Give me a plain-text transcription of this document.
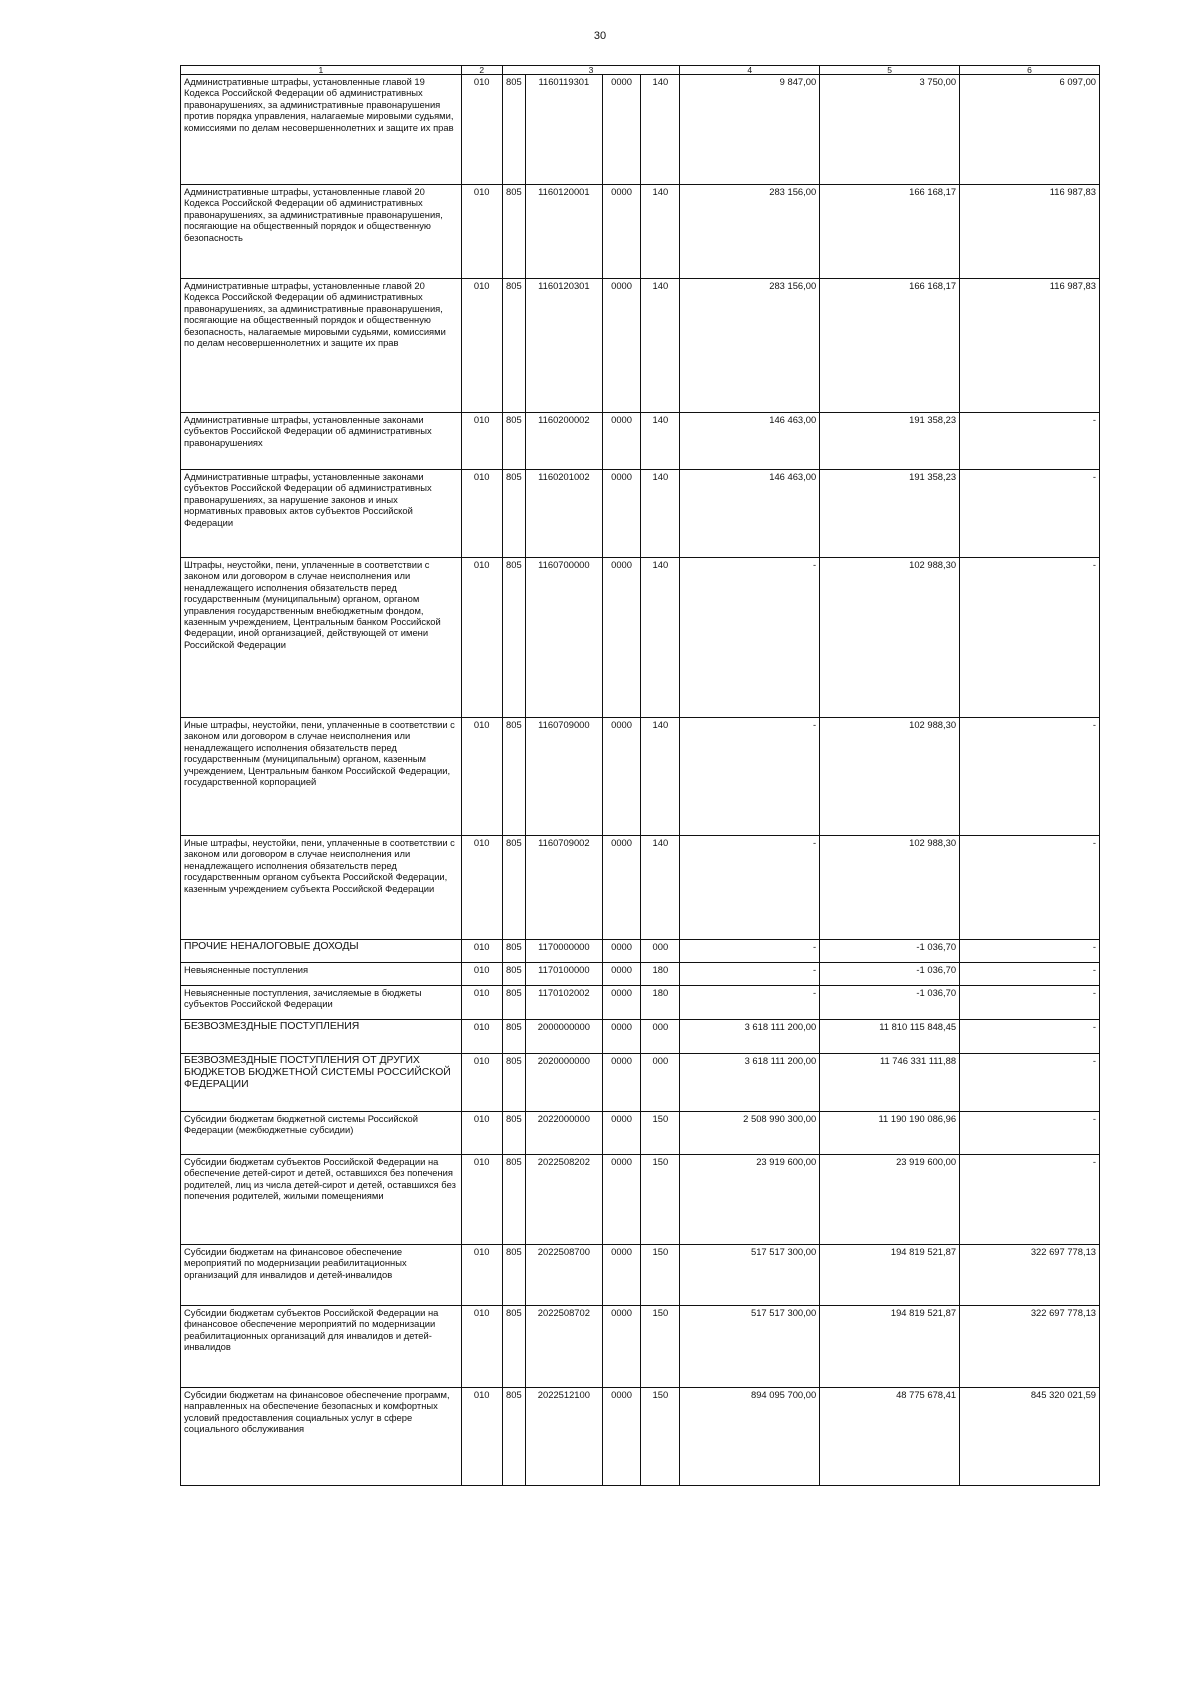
30
1	2	3				4	5	6
Административные штрафы, установленные главой 19 Кодекса Российской Федерации об административных правонарушениях, за административные правонарушения против порядка управления, налагаемые мировыми судьями, комиссиями по делам несовершеннолетних и защите их прав	010	805	1160119301	0000	140	9 847,00	3 750,00	6 097,00
Административные штрафы, установленные главой 20 Кодекса Российской Федерации об административных правонарушениях, за административные правонарушения, посягающие на общественный порядок и общественную безопасность	010	805	1160120001	0000	140	283 156,00	166 168,17	116 987,83
Административные штрафы, установленные главой 20 Кодекса Российской Федерации об административных правонарушениях, за административные правонарушения, посягающие на общественный порядок и общественную безопасность, налагаемые мировыми судьями, комиссиями по делам несовершеннолетних и защите их прав	010	805	1160120301	0000	140	283 156,00	166 168,17	116 987,83
Административные штрафы, установленные законами субъектов Российской Федерации об административных правонарушениях	010	805	1160200002	0000	140	146 463,00	191 358,23	-
Административные штрафы, установленные законами субъектов Российской Федерации об административных правонарушениях, за нарушение законов и иных нормативных правовых актов субъектов Российской Федерации	010	805	1160201002	0000	140	146 463,00	191 358,23	-
Штрафы, неустойки, пени, уплаченные в соответствии с законом или договором в случае неисполнения или ненадлежащего исполнения обязательств перед государственным (муниципальным) органом, органом управления государственным внебюджетным фондом, казенным учреждением, Центральным банком Российской Федерации, иной организацией, действующей от имени Российской Федерации	010	805	1160700000	0000	140	-	102 988,30	-
Иные штрафы, неустойки, пени, уплаченные в соответствии с законом или договором в случае неисполнения или ненадлежащего исполнения обязательств перед государственным (муниципальным) органом, казенным учреждением, Центральным банком Российской Федерации, государственной корпорацией	010	805	1160709000	0000	140	-	102 988,30	-
Иные штрафы, неустойки, пени, уплаченные в соответствии с законом или договором в случае неисполнения или ненадлежащего исполнения обязательств перед государственным органом субъекта Российской Федерации, казенным учреждением субъекта Российской Федерации	010	805	1160709002	0000	140	-	102 988,30	-
ПРОЧИЕ НЕНАЛОГОВЫЕ ДОХОДЫ	010	805	1170000000	0000	000	-	-1 036,70	-
Невыясненные поступления	010	805	1170100000	0000	180	-	-1 036,70	-
Невыясненные поступления, зачисляемые в бюджеты субъектов Российской Федерации	010	805	1170102002	0000	180	-	-1 036,70	-
БЕЗВОЗМЕЗДНЫЕ ПОСТУПЛЕНИЯ	010	805	2000000000	0000	000	3 618 111 200,00	11 810 115 848,45	-
БЕЗВОЗМЕЗДНЫЕ ПОСТУПЛЕНИЯ ОТ ДРУГИХ БЮДЖЕТОВ БЮДЖЕТНОЙ СИСТЕМЫ РОССИЙСКОЙ ФЕДЕРАЦИИ	010	805	2020000000	0000	000	3 618 111 200,00	11 746 331 111,88	-
Субсидии бюджетам бюджетной системы Российской Федерации (межбюджетные субсидии)	010	805	2022000000	0000	150	2 508 990 300,00	11 190 190 086,96	-
Субсидии бюджетам субъектов Российской Федерации на обеспечение детей-сирот и детей, оставшихся без попечения родителей, лиц из числа детей-сирот и детей, оставшихся без попечения родителей, жилыми помещениями	010	805	2022508202	0000	150	23 919 600,00	23 919 600,00	-
Субсидии бюджетам на финансовое обеспечение мероприятий по модернизации реабилитационных организаций для инвалидов и детей-инвалидов	010	805	2022508700	0000	150	517 517 300,00	194 819 521,87	322 697 778,13
Субсидии бюджетам субъектов Российской Федерации на финансовое обеспечение мероприятий по модернизации реабилитационных организаций для инвалидов и детей-инвалидов	010	805	2022508702	0000	150	517 517 300,00	194 819 521,87	322 697 778,13
Субсидии бюджетам на финансовое обеспечение программ, направленных на обеспечение безопасных и комфортных условий предоставления социальных услуг в сфере социального обслуживания	010	805	2022512100	0000	150	894 095 700,00	48 775 678,41	845 320 021,59
